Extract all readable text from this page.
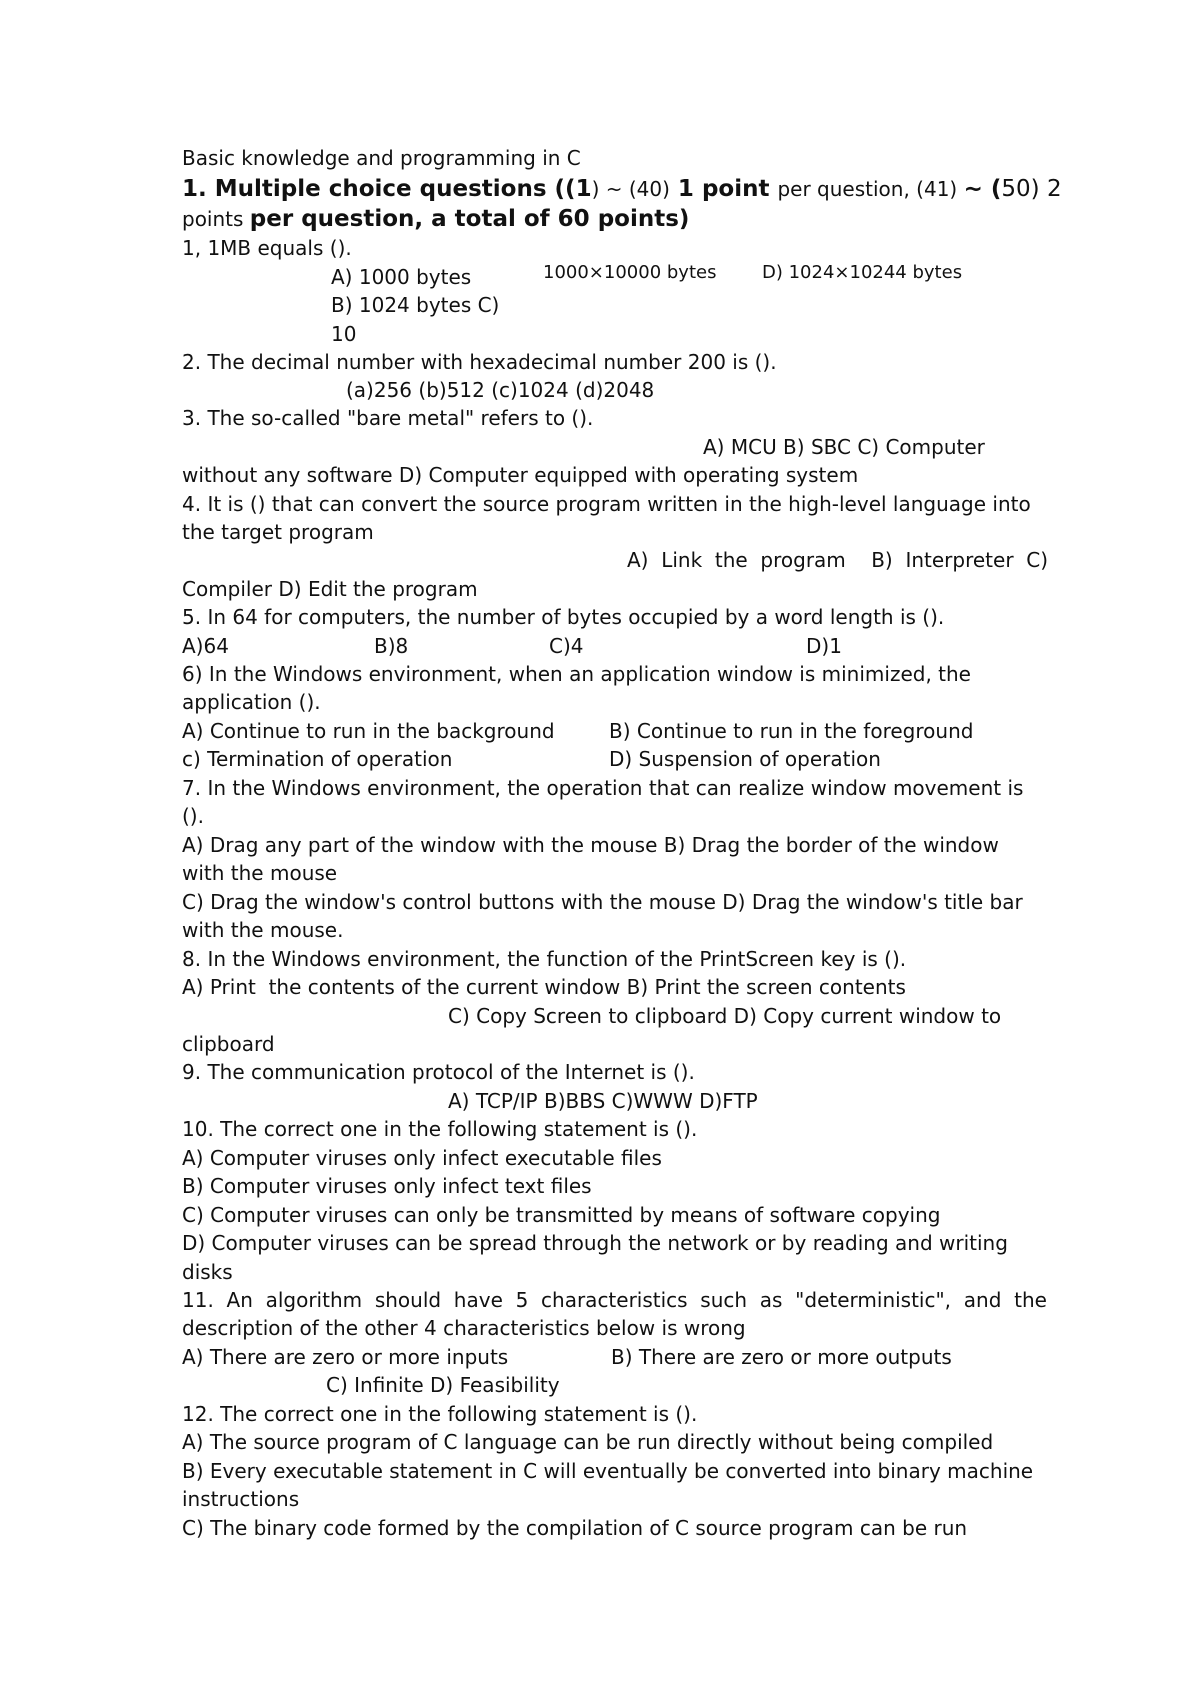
Basic knowledge and programming in C
1. Multiple choice questions ((1) ~ (40) 1 point per question, (41) ~ (50) 2
points per question, a total of 60 points)
1, 1MB equals ().
A) 1000 bytes	1000×10000 bytes	D) 1024×10244 bytes
B) 1024 bytes C)
10
2. The decimal number with hexadecimal number 200 is ().
(a)256 (b)512 (c)1024 (d)2048
3. The so-called "bare metal" refers to ().
A) MCU B) SBC C) Computer
without any software D) Computer equipped with operating system
4. It is () that can convert the source program written in the high-level language into
the target program
A)  Link  the  program    B)  Interpreter  C)
Compiler D) Edit the program
5. In 64 for computers, the number of bytes occupied by a word length is ().
A)64	B)8	C)4	D)1
6) In the Windows environment, when an application window is minimized, the
application ().
A) Continue to run in the background	B) Continue to run in the foreground
c) Termination of operation	D) Suspension of operation
7. In the Windows environment, the operation that can realize window movement is
().
A) Drag any part of the window with the mouse B) Drag the border of the window
with the mouse
C) Drag the window's control buttons with the mouse D) Drag the window's title bar
with the mouse.
8. In the Windows environment, the function of the PrintScreen key is ().
A) Print  the contents of the current window B) Print the screen contents
C) Copy Screen to clipboard D) Copy current window to
clipboard
9. The communication protocol of the Internet is ().
A) TCP/IP B)BBS C)WWW D)FTP
10. The correct one in the following statement is ().
A) Computer viruses only infect executable files
B) Computer viruses only infect text files
C) Computer viruses can only be transmitted by means of software copying
D) Computer viruses can be spread through the network or by reading and writing
disks
11.  An  algorithm  should  have  5  characteristics  such  as  "deterministic",  and  the
description of the other 4 characteristics below is wrong
A) There are zero or more inputs	B) There are zero or more outputs
C) Infinite D) Feasibility
12. The correct one in the following statement is ().
A) The source program of C language can be run directly without being compiled
B) Every executable statement in C will eventually be converted into binary machine
instructions
C) The binary code formed by the compilation of C source program can be run
